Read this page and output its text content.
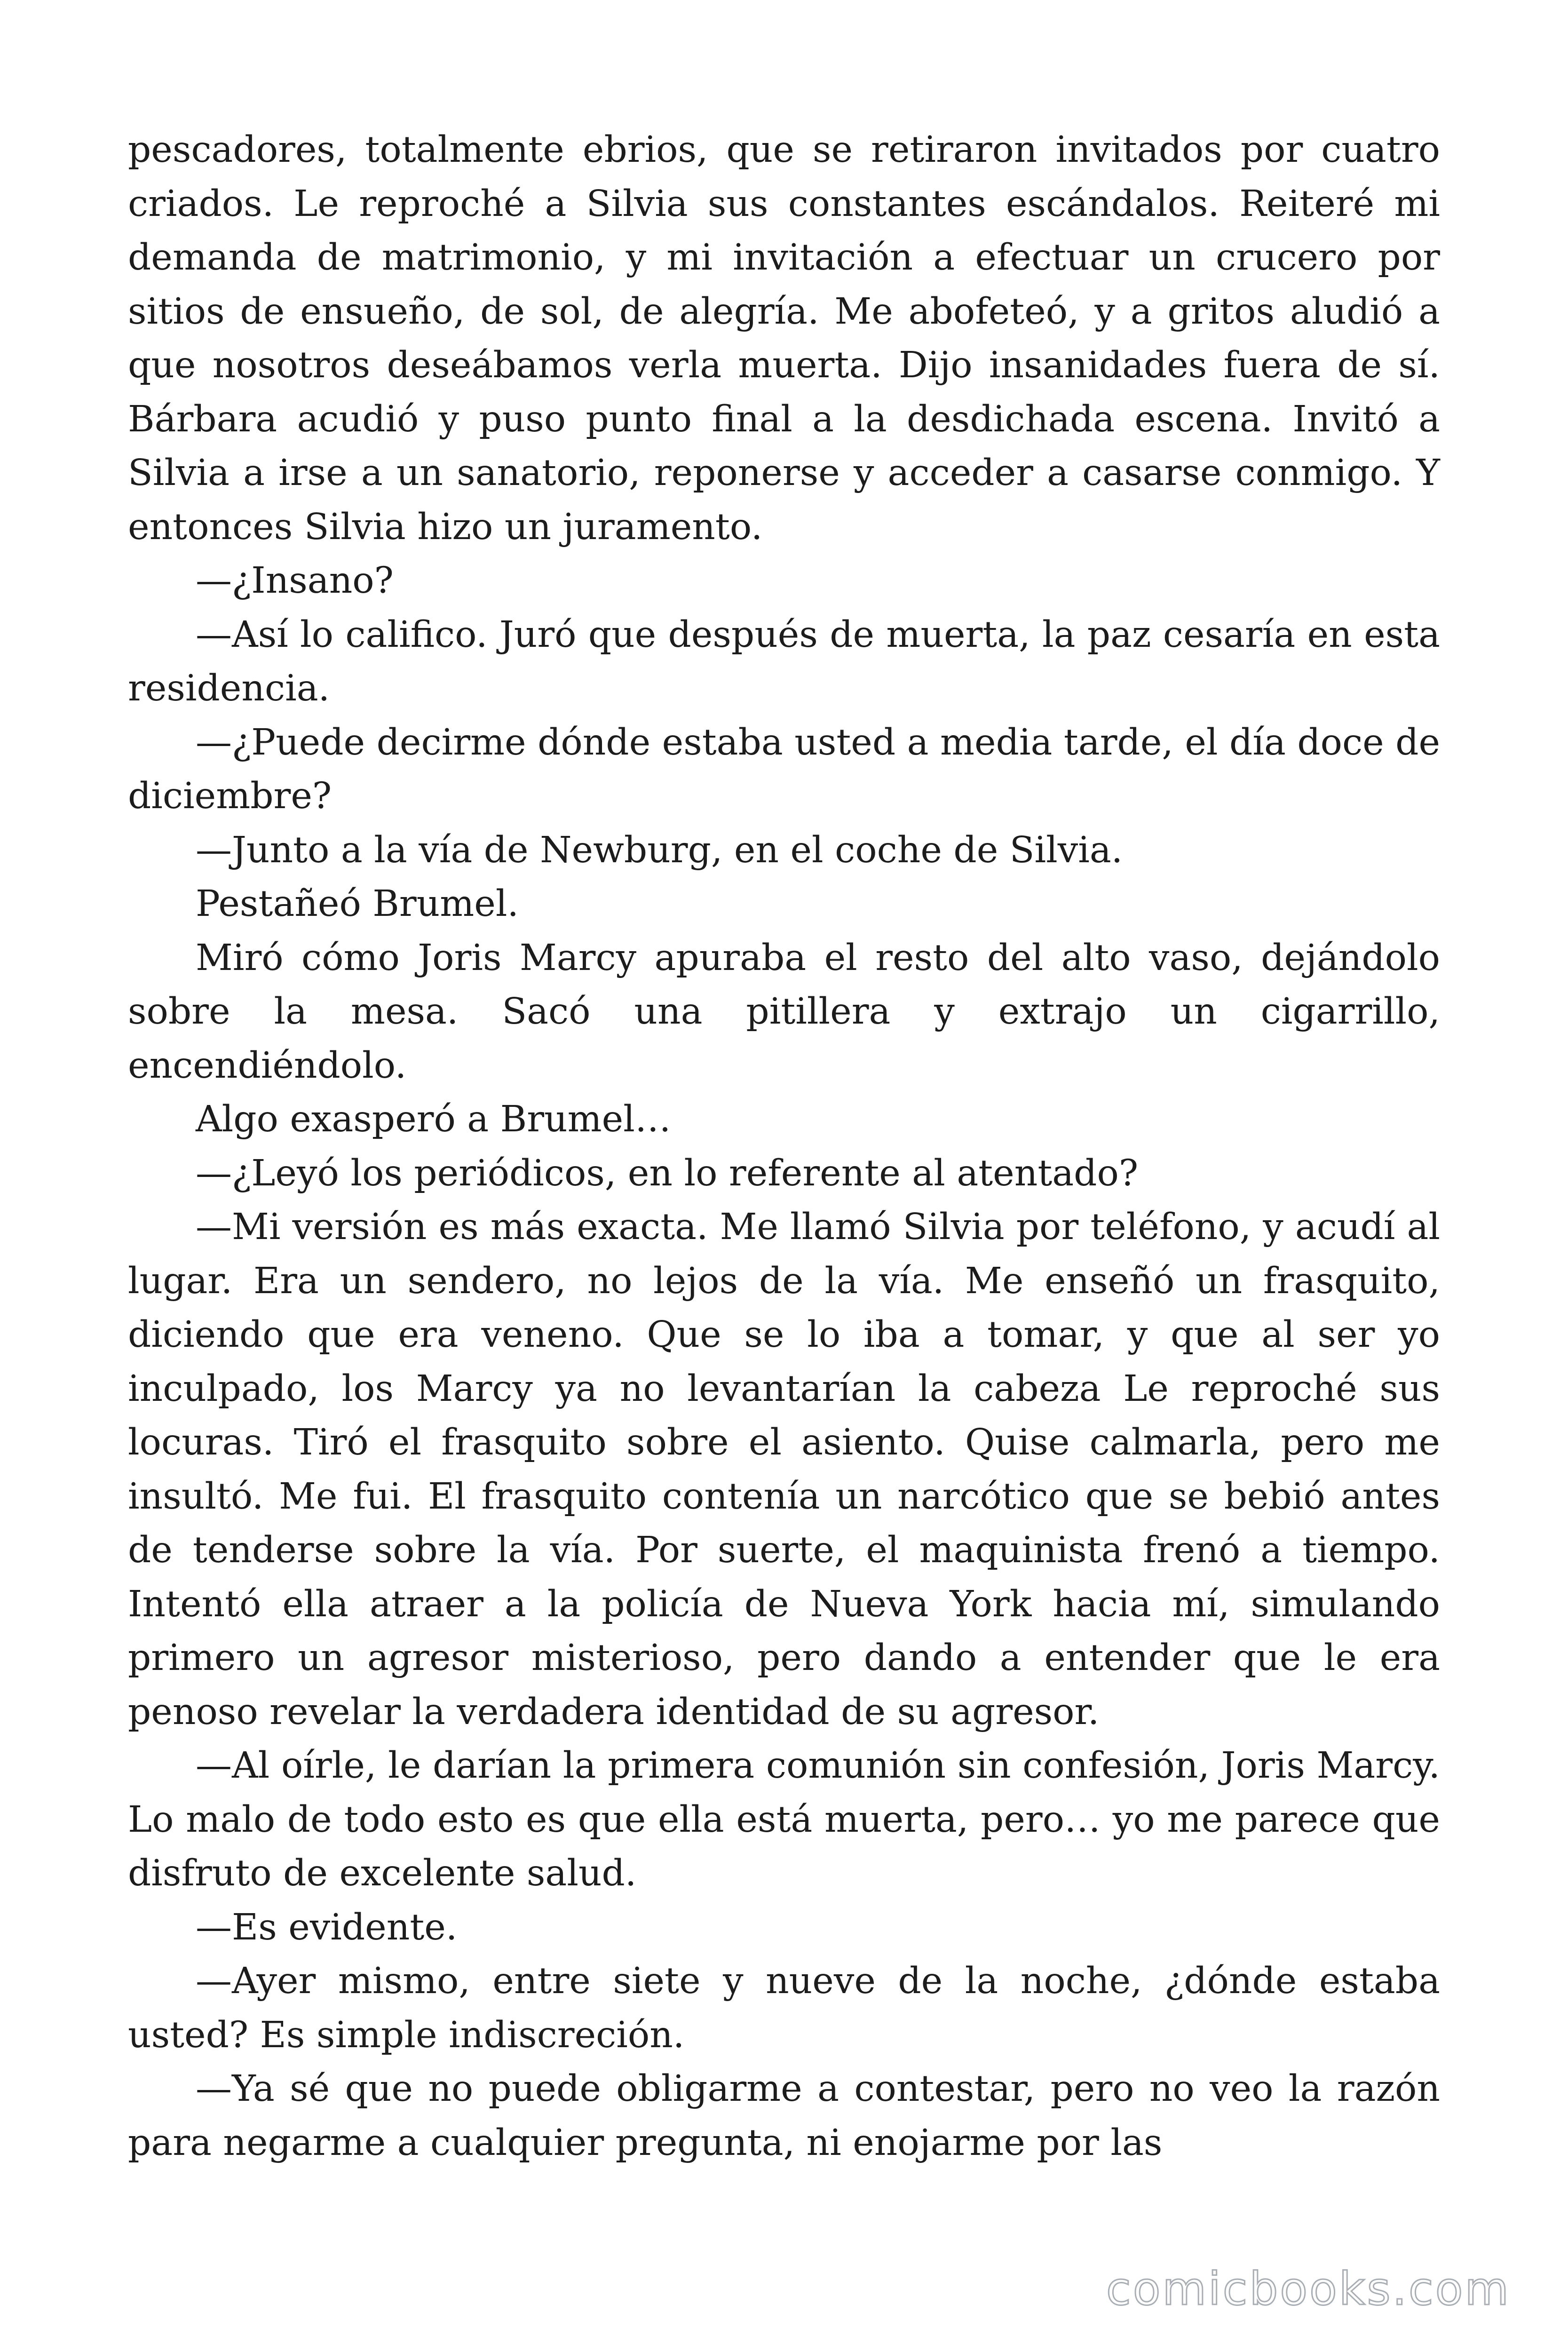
pescadores, totalmente ebrios, que se retiraron invitados por cuatro criados. Le reproché a Silvia sus constantes escándalos. Reiteré mi demanda de matrimonio, y mi invitación a efectuar un crucero por sitios de ensueño, de sol, de alegría. Me abofeteó, y a gritos aludió a que nosotros deseábamos verla muerta. Dijo insanidades fuera de sí. Bárbara acudió y puso punto final a la desdichada escena. Invitó a Silvia a irse a un sanatorio, reponerse y acceder a casarse conmigo. Y entonces Silvia hizo un juramento.

—¿Insano?

—Así lo califico. Juró que después de muerta, la paz cesaría en esta residencia.

—¿Puede decirme dónde estaba usted a media tarde, el día doce de diciembre?

—Junto a la vía de Newburg, en el coche de Silvia.

Pestañeó Brumel.

Miró cómo Joris Marcy apuraba el resto del alto vaso, dejándolo sobre la mesa. Sacó una pitillera y extrajo un cigarrillo, encendiéndolo.

Algo exasperó a Brumel…

—¿Leyó los periódicos, en lo referente al atentado?

—Mi versión es más exacta. Me llamó Silvia por teléfono, y acudí al lugar. Era un sendero, no lejos de la vía. Me enseñó un frasquito, diciendo que era veneno. Que se lo iba a tomar, y que al ser yo inculpado, los Marcy ya no levantarían la cabeza Le reproché sus locuras. Tiró el frasquito sobre el asiento. Quise calmarla, pero me insultó. Me fui. El frasquito contenía un narcótico que se bebió antes de tenderse sobre la vía. Por suerte, el maquinista frenó a tiempo. Intentó ella atraer a la policía de Nueva York hacia mí, simulando primero un agresor misterioso, pero dando a entender que le era penoso revelar la verdadera identidad de su agresor.

—Al oírle, le darían la primera comunión sin confesión, Joris Marcy. Lo malo de todo esto es que ella está muerta, pero… yo me parece que disfruto de excelente salud.

—Es evidente.

—Ayer mismo, entre siete y nueve de la noche, ¿dónde estaba usted? Es simple indiscreción.

—Ya sé que no puede obligarme a contestar, pero no veo la razón para negarme a cualquier pregunta, ni enojarme por las

comicbooks.com
